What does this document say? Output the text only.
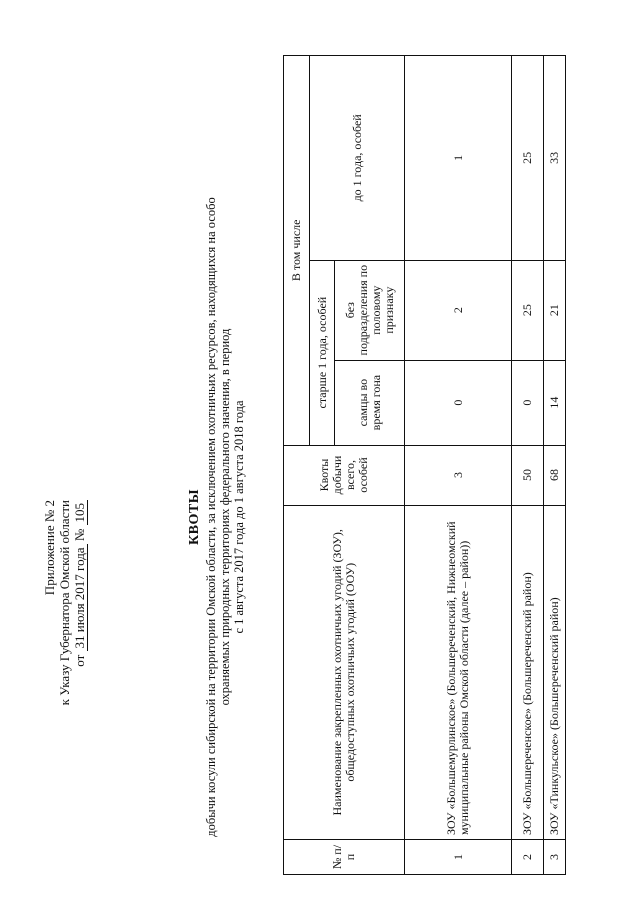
Приложение № 2 к Указу Губернатора Омской области от 31 июля 2017 года № 105	КВОТЫ добычи косули сибирской на территории Омской области, за исключением охотничьих ресурсов, находящихся на особо охраняемых природных территориях федерального значения, в период с 1 августа 2017 года до 1 августа 2018 года
№ п/п	Наименование закрепленных охотничьих угодий (ЗОУ), общедоступных охотничьих угодий (ООУ)	Квоты добычи всего, особей	В том числе		
			старше 1 года, особей		до 1 года, особей
			самцы во время гона	без подразделения по половому признаку	
1	ЗОУ «Большемурлинское» (Большереченский, Нижнеомский муниципальные районы Омской области (далее – район))	3	0	2	1
2	ЗОУ «Большереченское» (Большереченский район)	50	0	25	25
3	ЗОУ «Тинкульское» (Большереченский район)	68	14	21	33
